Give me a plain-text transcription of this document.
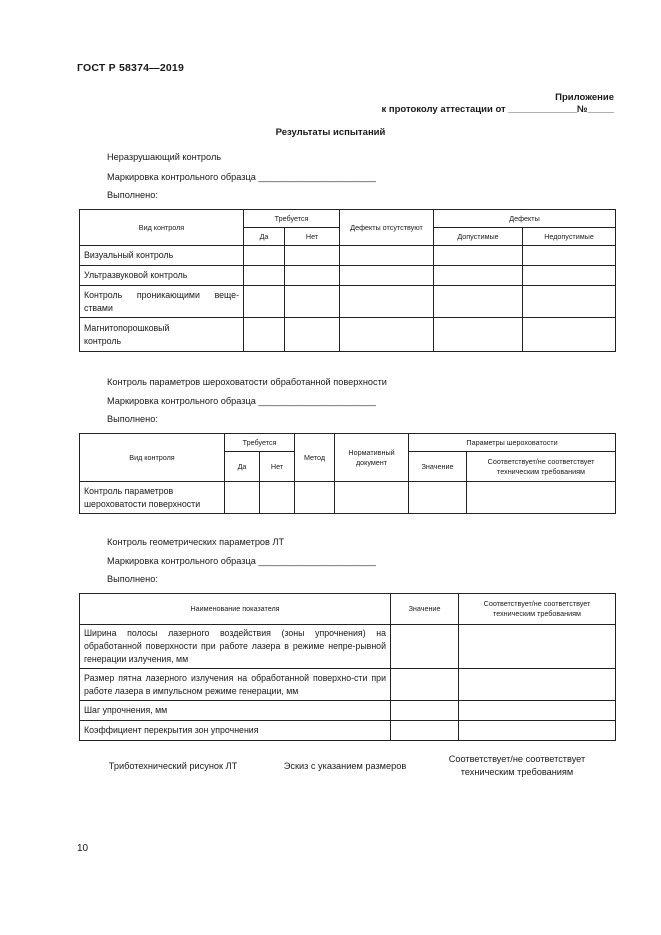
ГОСТ Р 58374—2019
Приложение
к протоколу аттестации от _____________№_____
Результаты испытаний
Неразрушающий контроль
Маркировка контрольного образца _______________________
Выполнено:
Вид контроля	Требуется		Дефекты отсутствуют	Дефекты	
	Да	Нет		Допустимые	Недопустимые
Визуальный контроль					
Ультразвуковой контроль					
Контроль проникающими веще-ствами					
Магнитопорошковый контроль					
Контроль параметров шероховатости обработанной поверхности
Маркировка контрольного образца _______________________
Выполнено:
Вид контроля	Требуется		Метод	Нормативный документ	Параметры шероховатости	
	Да	Нет			Значение	Соответствует/не соответствует техническим требованиям
Контроль параметров шероховатости поверхности						
Контроль геометрических параметров ЛТ
Маркировка контрольного образца _______________________
Выполнено:
Наименование показателя	Значение	Соответствует/не соответствует техническим требованиям
Ширина полосы лазерного воздействия (зоны упрочнения) на обработанной поверхности при работе лазера в режиме непре-рывной генерации излучения, мм		
Размер пятна лазерного излучения на обработанной поверхно-сти при работе лазера в импульсном режиме генерации, мм		
Шаг упрочнения, мм		
Коэффициент перекрытия зон упрочнения		
Триботехнический рисунок ЛТ	Эскиз с указанием размеров
Соответствует/не соответствует техническим требованиям
10
